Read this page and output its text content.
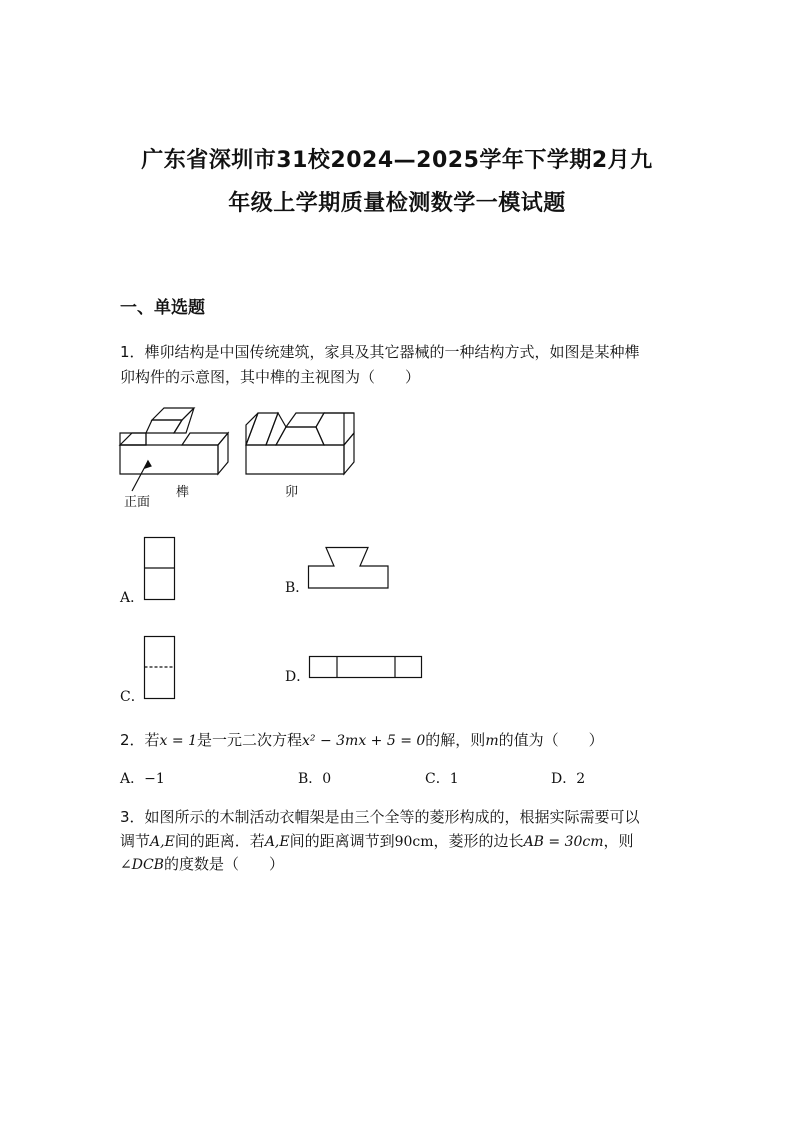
广东省深圳市31校2024—2025学年下学期2月九
年级上学期质量检测数学一模试题
一、单选题
1．榫卯结构是中国传统建筑，家具及其它器械的一种结构方式，如图是某种榫
卯构件的示意图，其中榫的主视图为（　　）
正面
榫	卯
A．
B．
C．
D．
2．若x = 1是一元二次方程x² − 3mx + 5 = 0的解，则m的值为（　　）
A．−1	B．0	C．1	D．2
3．如图所示的木制活动衣帽架是由三个全等的菱形构成的，根据实际需要可以
调节A,E间的距离．若A,E间的距离调节到90cm，菱形的边长AB = 30cm，则
∠DCB的度数是（　　）
